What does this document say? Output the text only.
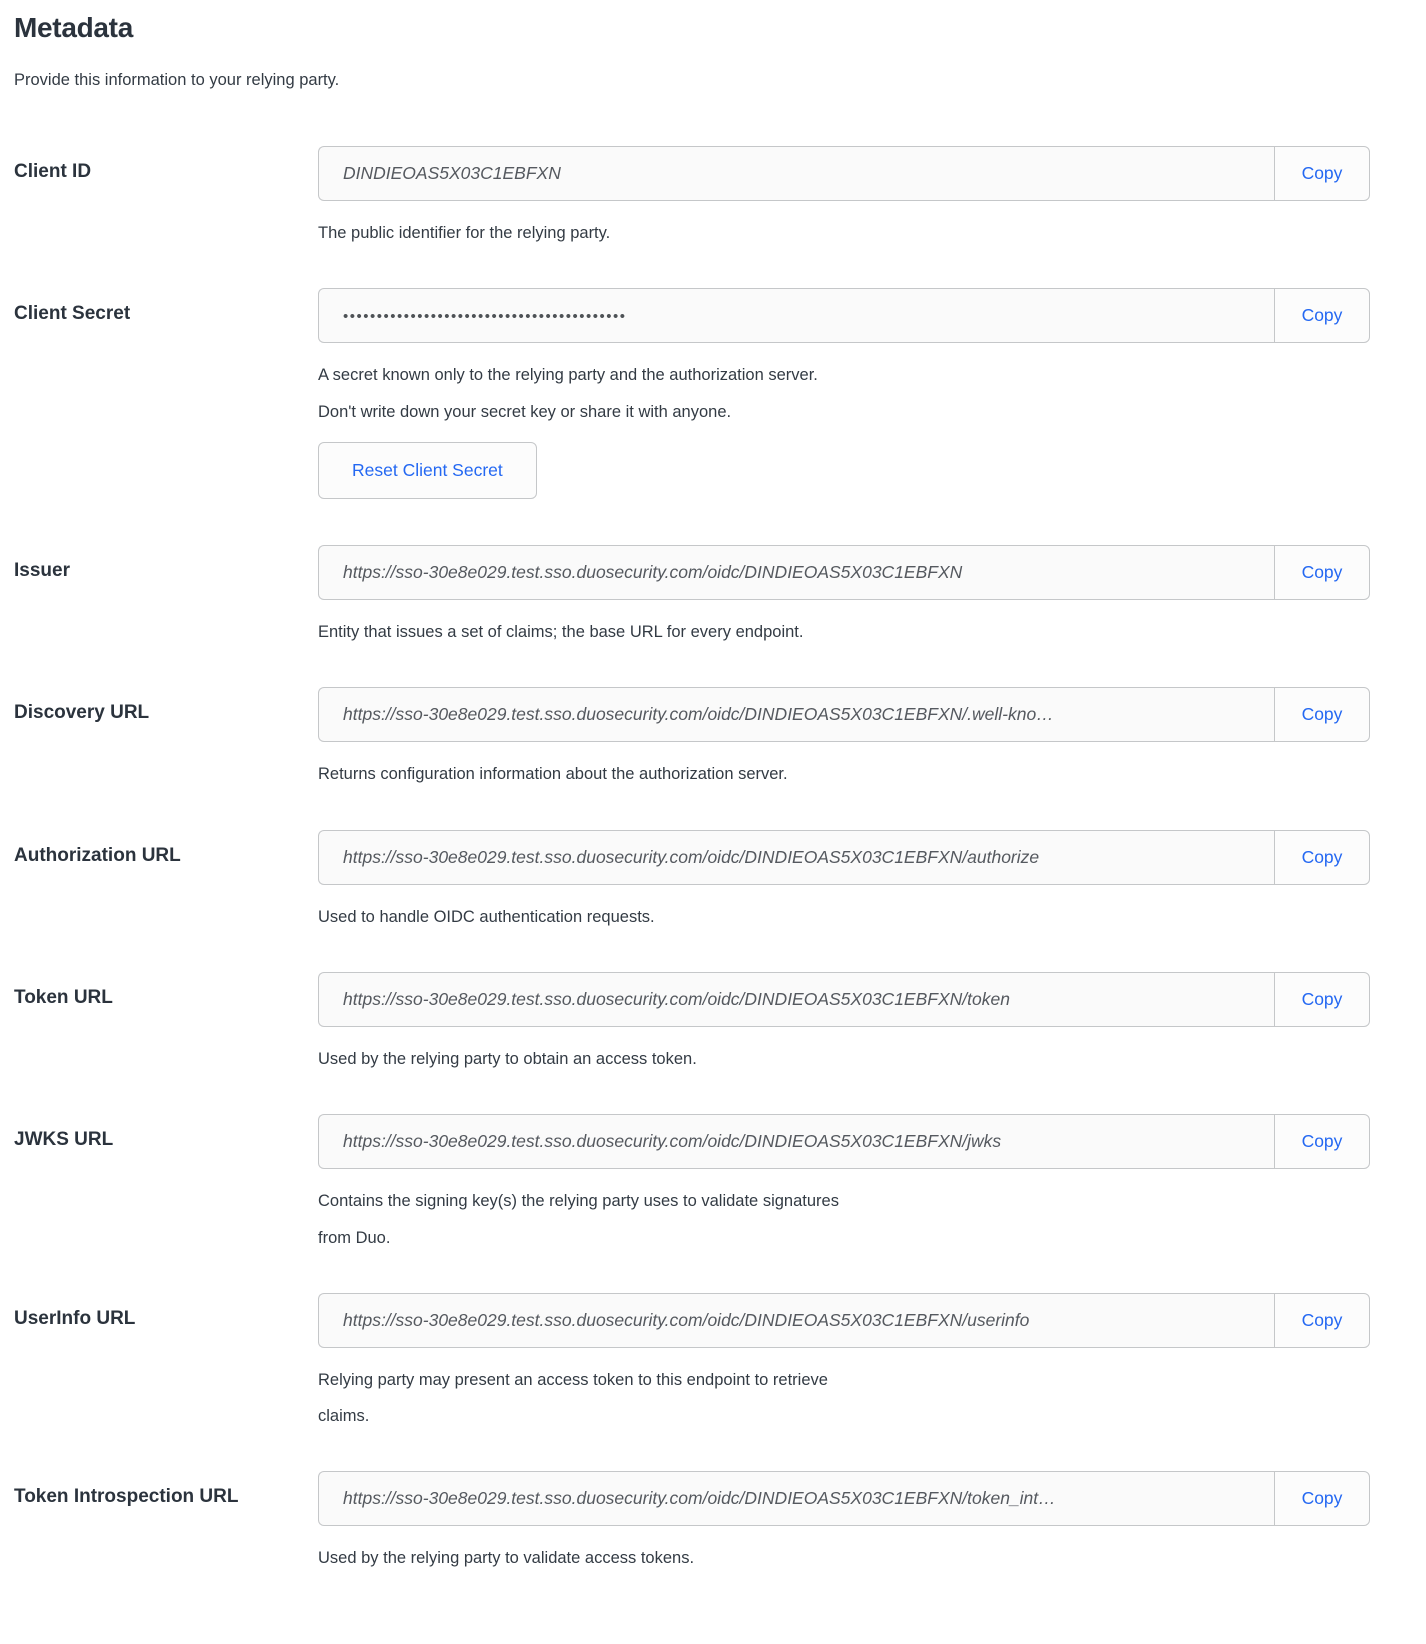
Metadata

Provide this information to your relying party.

Client ID
DINDIEOAS5X03C1EBFXN	Copy

The public identifier for the relying party.

Client Secret
••••••••••••••••••••••••••••••••••••••••••	Copy

A secret known only to the relying party and the authorization server.

Don't write down your secret key or share it with anyone.

Reset Client Secret
Issuer
https://sso-30e8e029.test.sso.duosecurity.com/oidc/DINDIEOAS5X03C1EBFXN	Copy

Entity that issues a set of claims; the base URL for every endpoint.

Discovery URL
https://sso-30e8e029.test.sso.duosecurity.com/oidc/DINDIEOAS5X03C1EBFXN/.well-kno…	Copy

Returns configuration information about the authorization server.

Authorization URL
https://sso-30e8e029.test.sso.duosecurity.com/oidc/DINDIEOAS5X03C1EBFXN/authorize	Copy

Used to handle OIDC authentication requests.

Token URL
https://sso-30e8e029.test.sso.duosecurity.com/oidc/DINDIEOAS5X03C1EBFXN/token	Copy

Used by the relying party to obtain an access token.

JWKS URL
https://sso-30e8e029.test.sso.duosecurity.com/oidc/DINDIEOAS5X03C1EBFXN/jwks	Copy

Contains the signing key(s) the relying party uses to validate signatures

from Duo.

UserInfo URL
https://sso-30e8e029.test.sso.duosecurity.com/oidc/DINDIEOAS5X03C1EBFXN/userinfo	Copy

Relying party may present an access token to this endpoint to retrieve

claims.

Token Introspection URL
https://sso-30e8e029.test.sso.duosecurity.com/oidc/DINDIEOAS5X03C1EBFXN/token_int…	Copy

Used by the relying party to validate access tokens.
